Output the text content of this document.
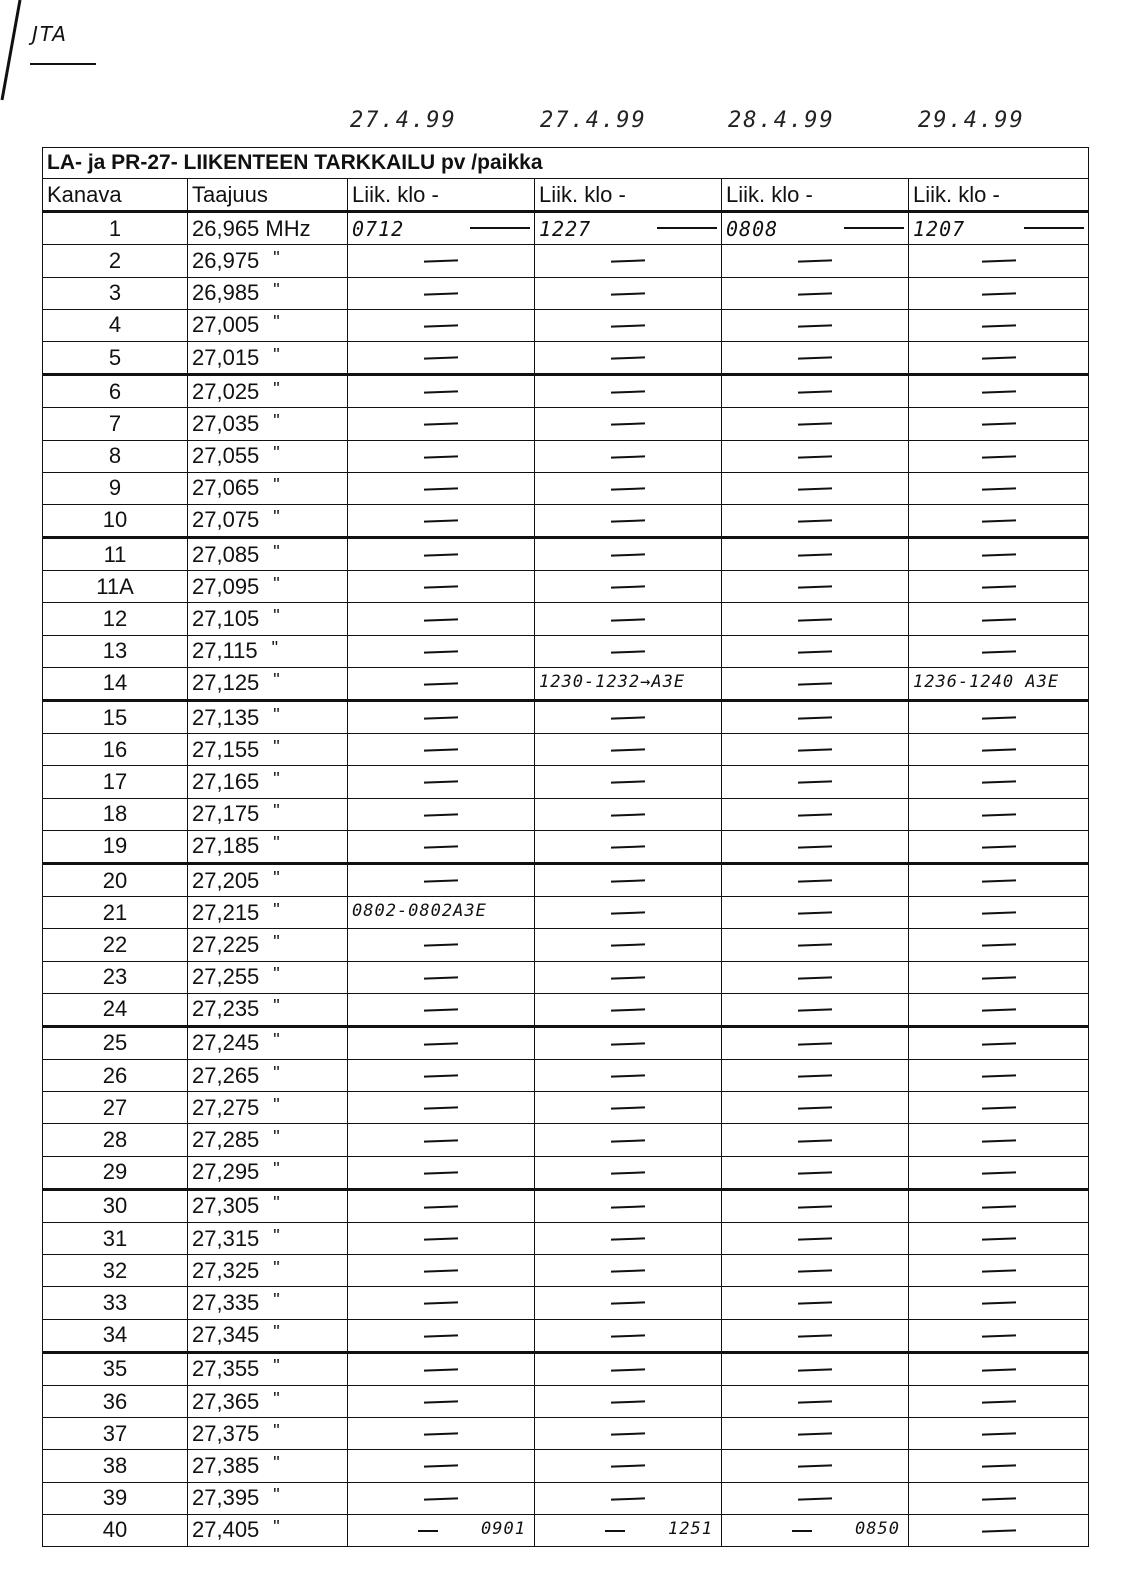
JTA
27.4.99	27.4.99	28.4.99	29.4.99
LA- ja PR-27- LIIKENTEEN TARKKAILU pv /paikka					
Kanava	Taajuus	Liik. klo -	Liik. klo -	Liik. klo -	Liik. klo -
1	26,965 MHz	0712	1227	0808	1207

2	26,975 "				
3	26,985 "				
4	27,005 "				
5	27,015 "				
6	27,025 "				
7	27,035 "				
8	27,055 "				
9	27,065 "				
10	27,075 "				
11	27,085 "				
11A	27,095 "				
12	27,105 "				
13	27,115 "				
14	27,125 "		1230-1232→A3E		1236-1240 A3E

15	27,135 "				
16	27,155 "				
17	27,165 "				
18	27,175 "				
19	27,185 "				
20	27,205 "				
21	27,215 "	0802-0802A3E			

22	27,225 "				
23	27,255 "				
24	27,235 "				
25	27,245 "				
26	27,265 "				
27	27,275 "				
28	27,285 "				
29	27,295 "				
30	27,305 "				
31	27,315 "				
32	27,325 "				
33	27,335 "				
34	27,345 "				
35	27,355 "				
36	27,365 "				
37	27,375 "				
38	27,385 "				
39	27,395 "				
40	27,405 "	0901	1251	0850	
